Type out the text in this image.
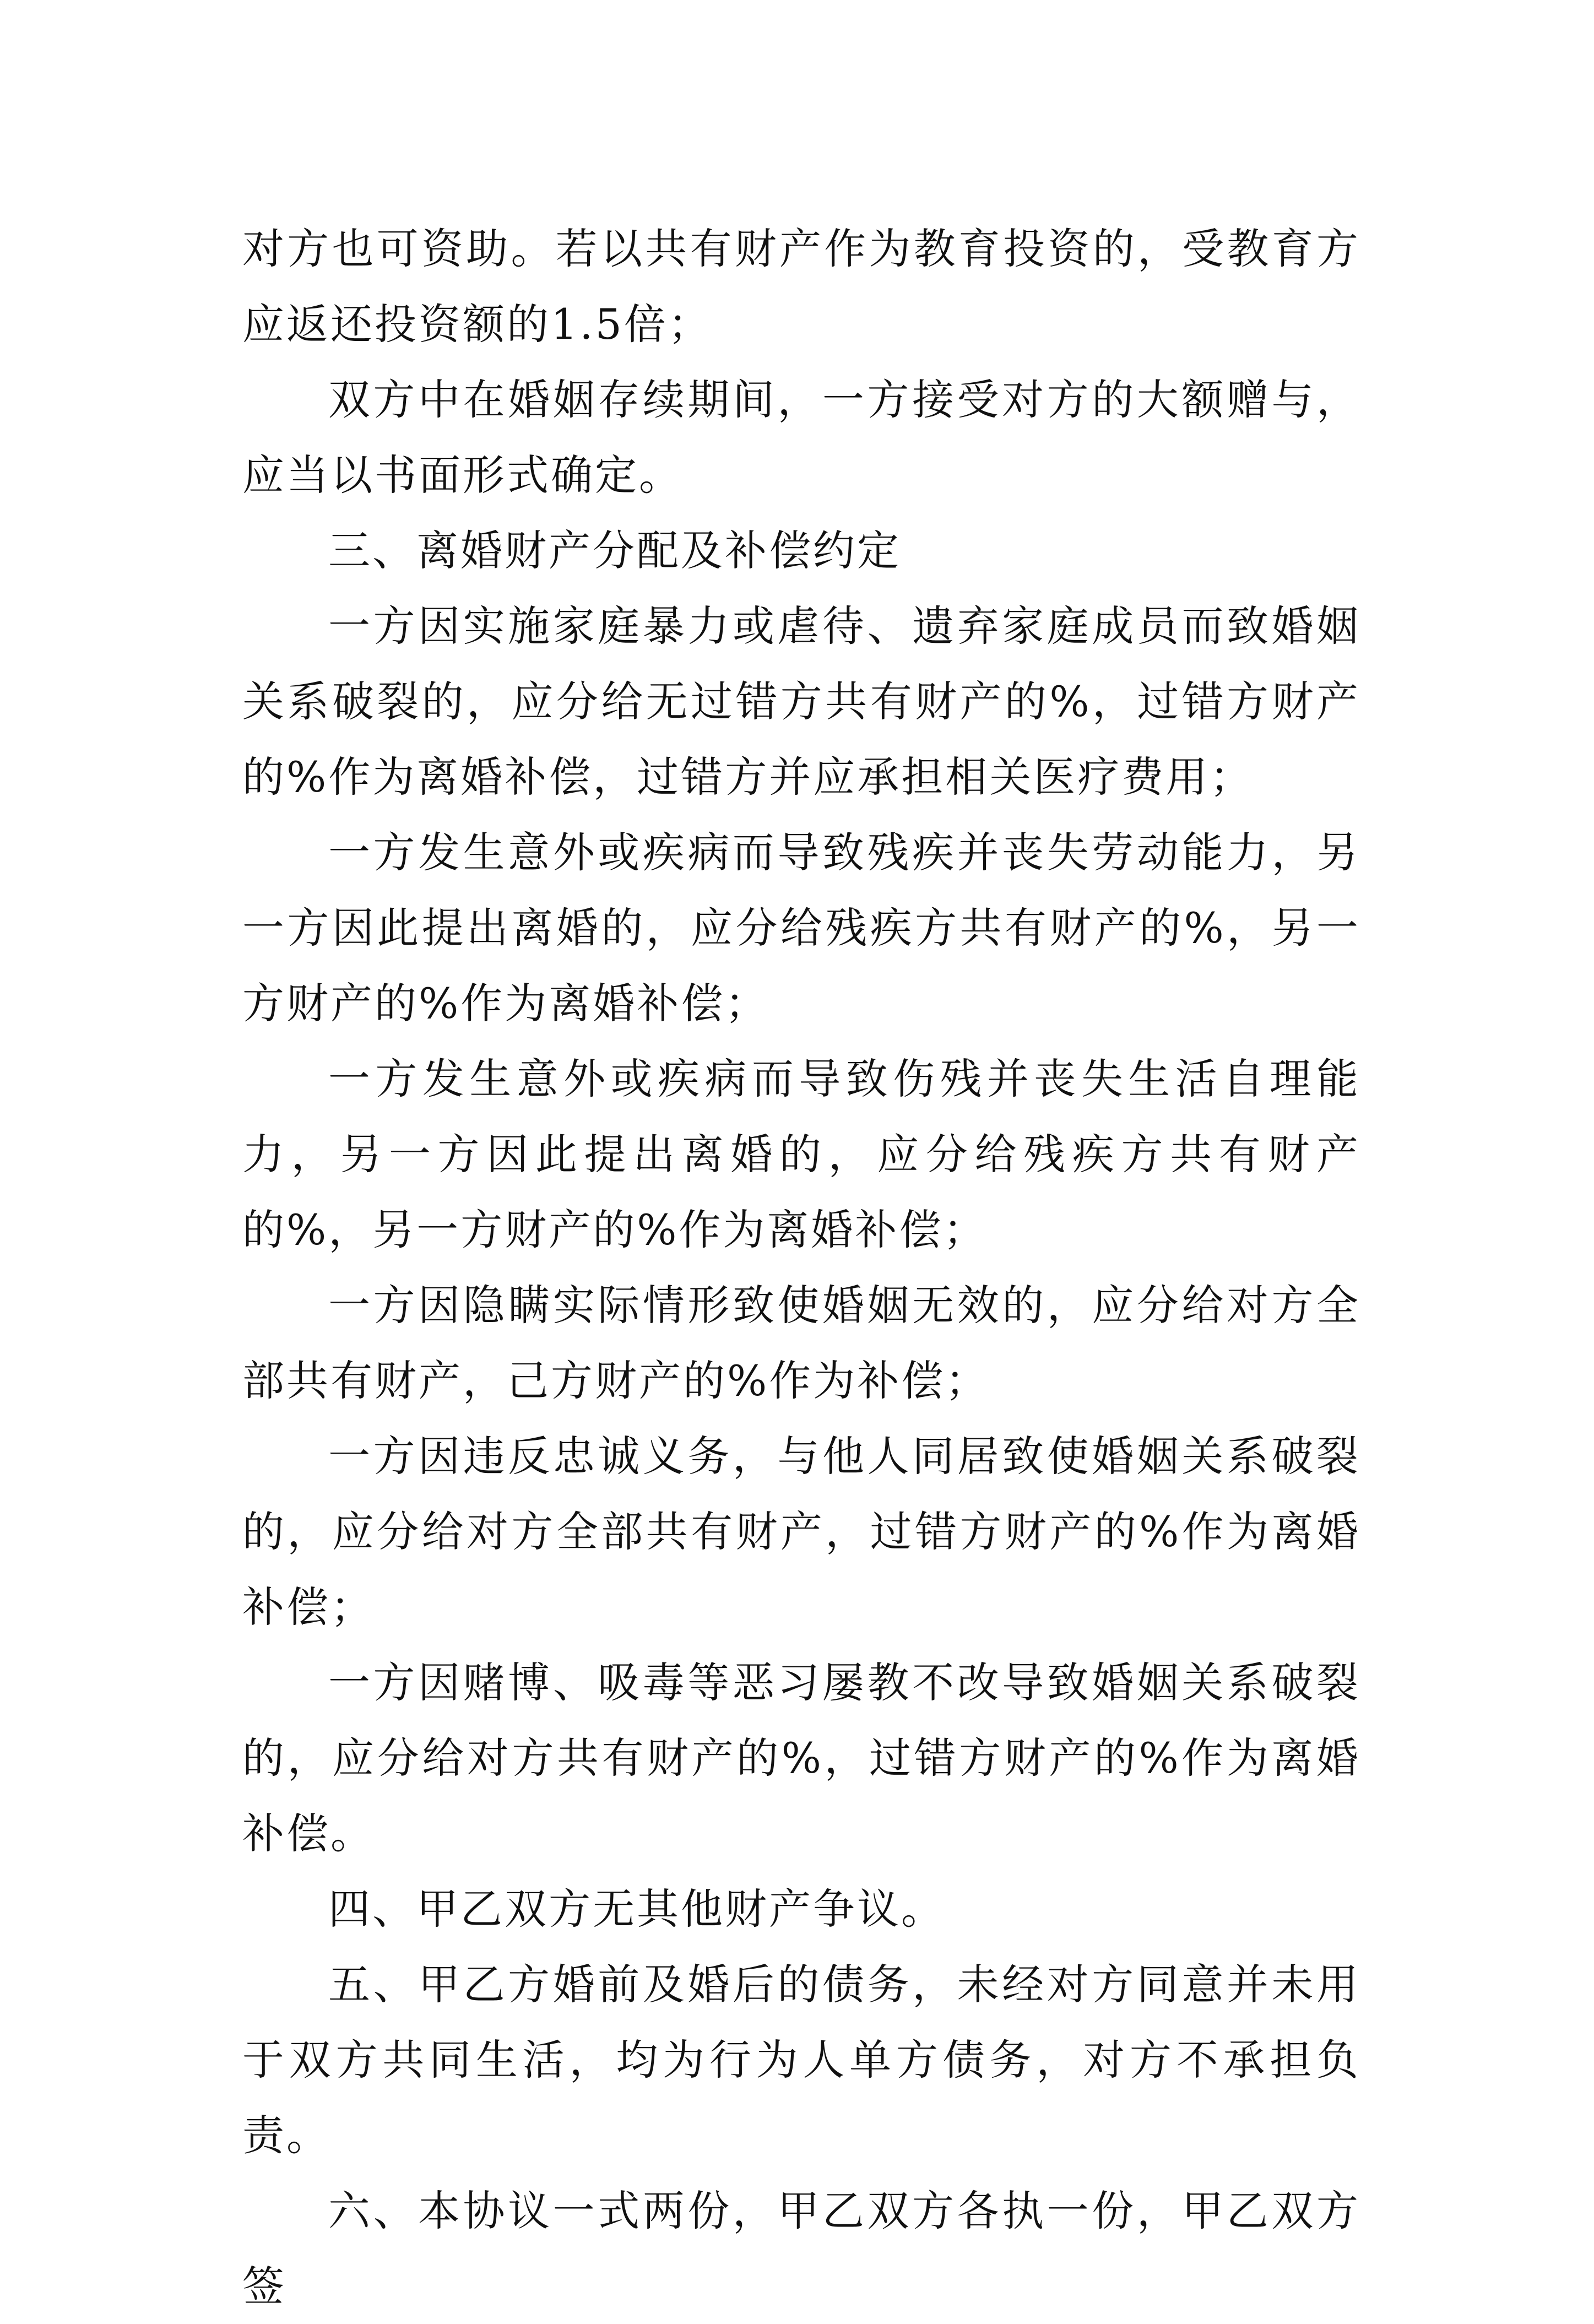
对方也可资助。若以共有财产作为教育投资的，受教育方应返还投资额的1.5倍；

双方中在婚姻存续期间，一方接受对方的大额赠与，应当以书面形式确定。

三、离婚财产分配及补偿约定

一方因实施家庭暴力或虐待、遗弃家庭成员而致婚姻关系破裂的，应分给无过错方共有财产的%，过错方财产的%作为离婚补偿，过错方并应承担相关医疗费用；

一方发生意外或疾病而导致残疾并丧失劳动能力，另一方因此提出离婚的，应分给残疾方共有财产的%，另一方财产的%作为离婚补偿；

一方发生意外或疾病而导致伤残并丧失生活自理能力，另一方因此提出离婚的，应分给残疾方共有财产的%，另一方财产的%作为离婚补偿；

一方因隐瞒实际情形致使婚姻无效的，应分给对方全部共有财产，己方财产的%作为补偿；

一方因违反忠诚义务，与他人同居致使婚姻关系破裂的，应分给对方全部共有财产，过错方财产的%作为离婚补偿；

一方因赌博、吸毒等恶习屡教不改导致婚姻关系破裂的，应分给对方共有财产的%，过错方财产的%作为离婚补偿。

四、甲乙双方无其他财产争议。

五、甲乙方婚前及婚后的债务，未经对方同意并未用于双方共同生活，均为行为人单方债务，对方不承担负责。

六、本协议一式两份，甲乙双方各执一份，甲乙双方签
